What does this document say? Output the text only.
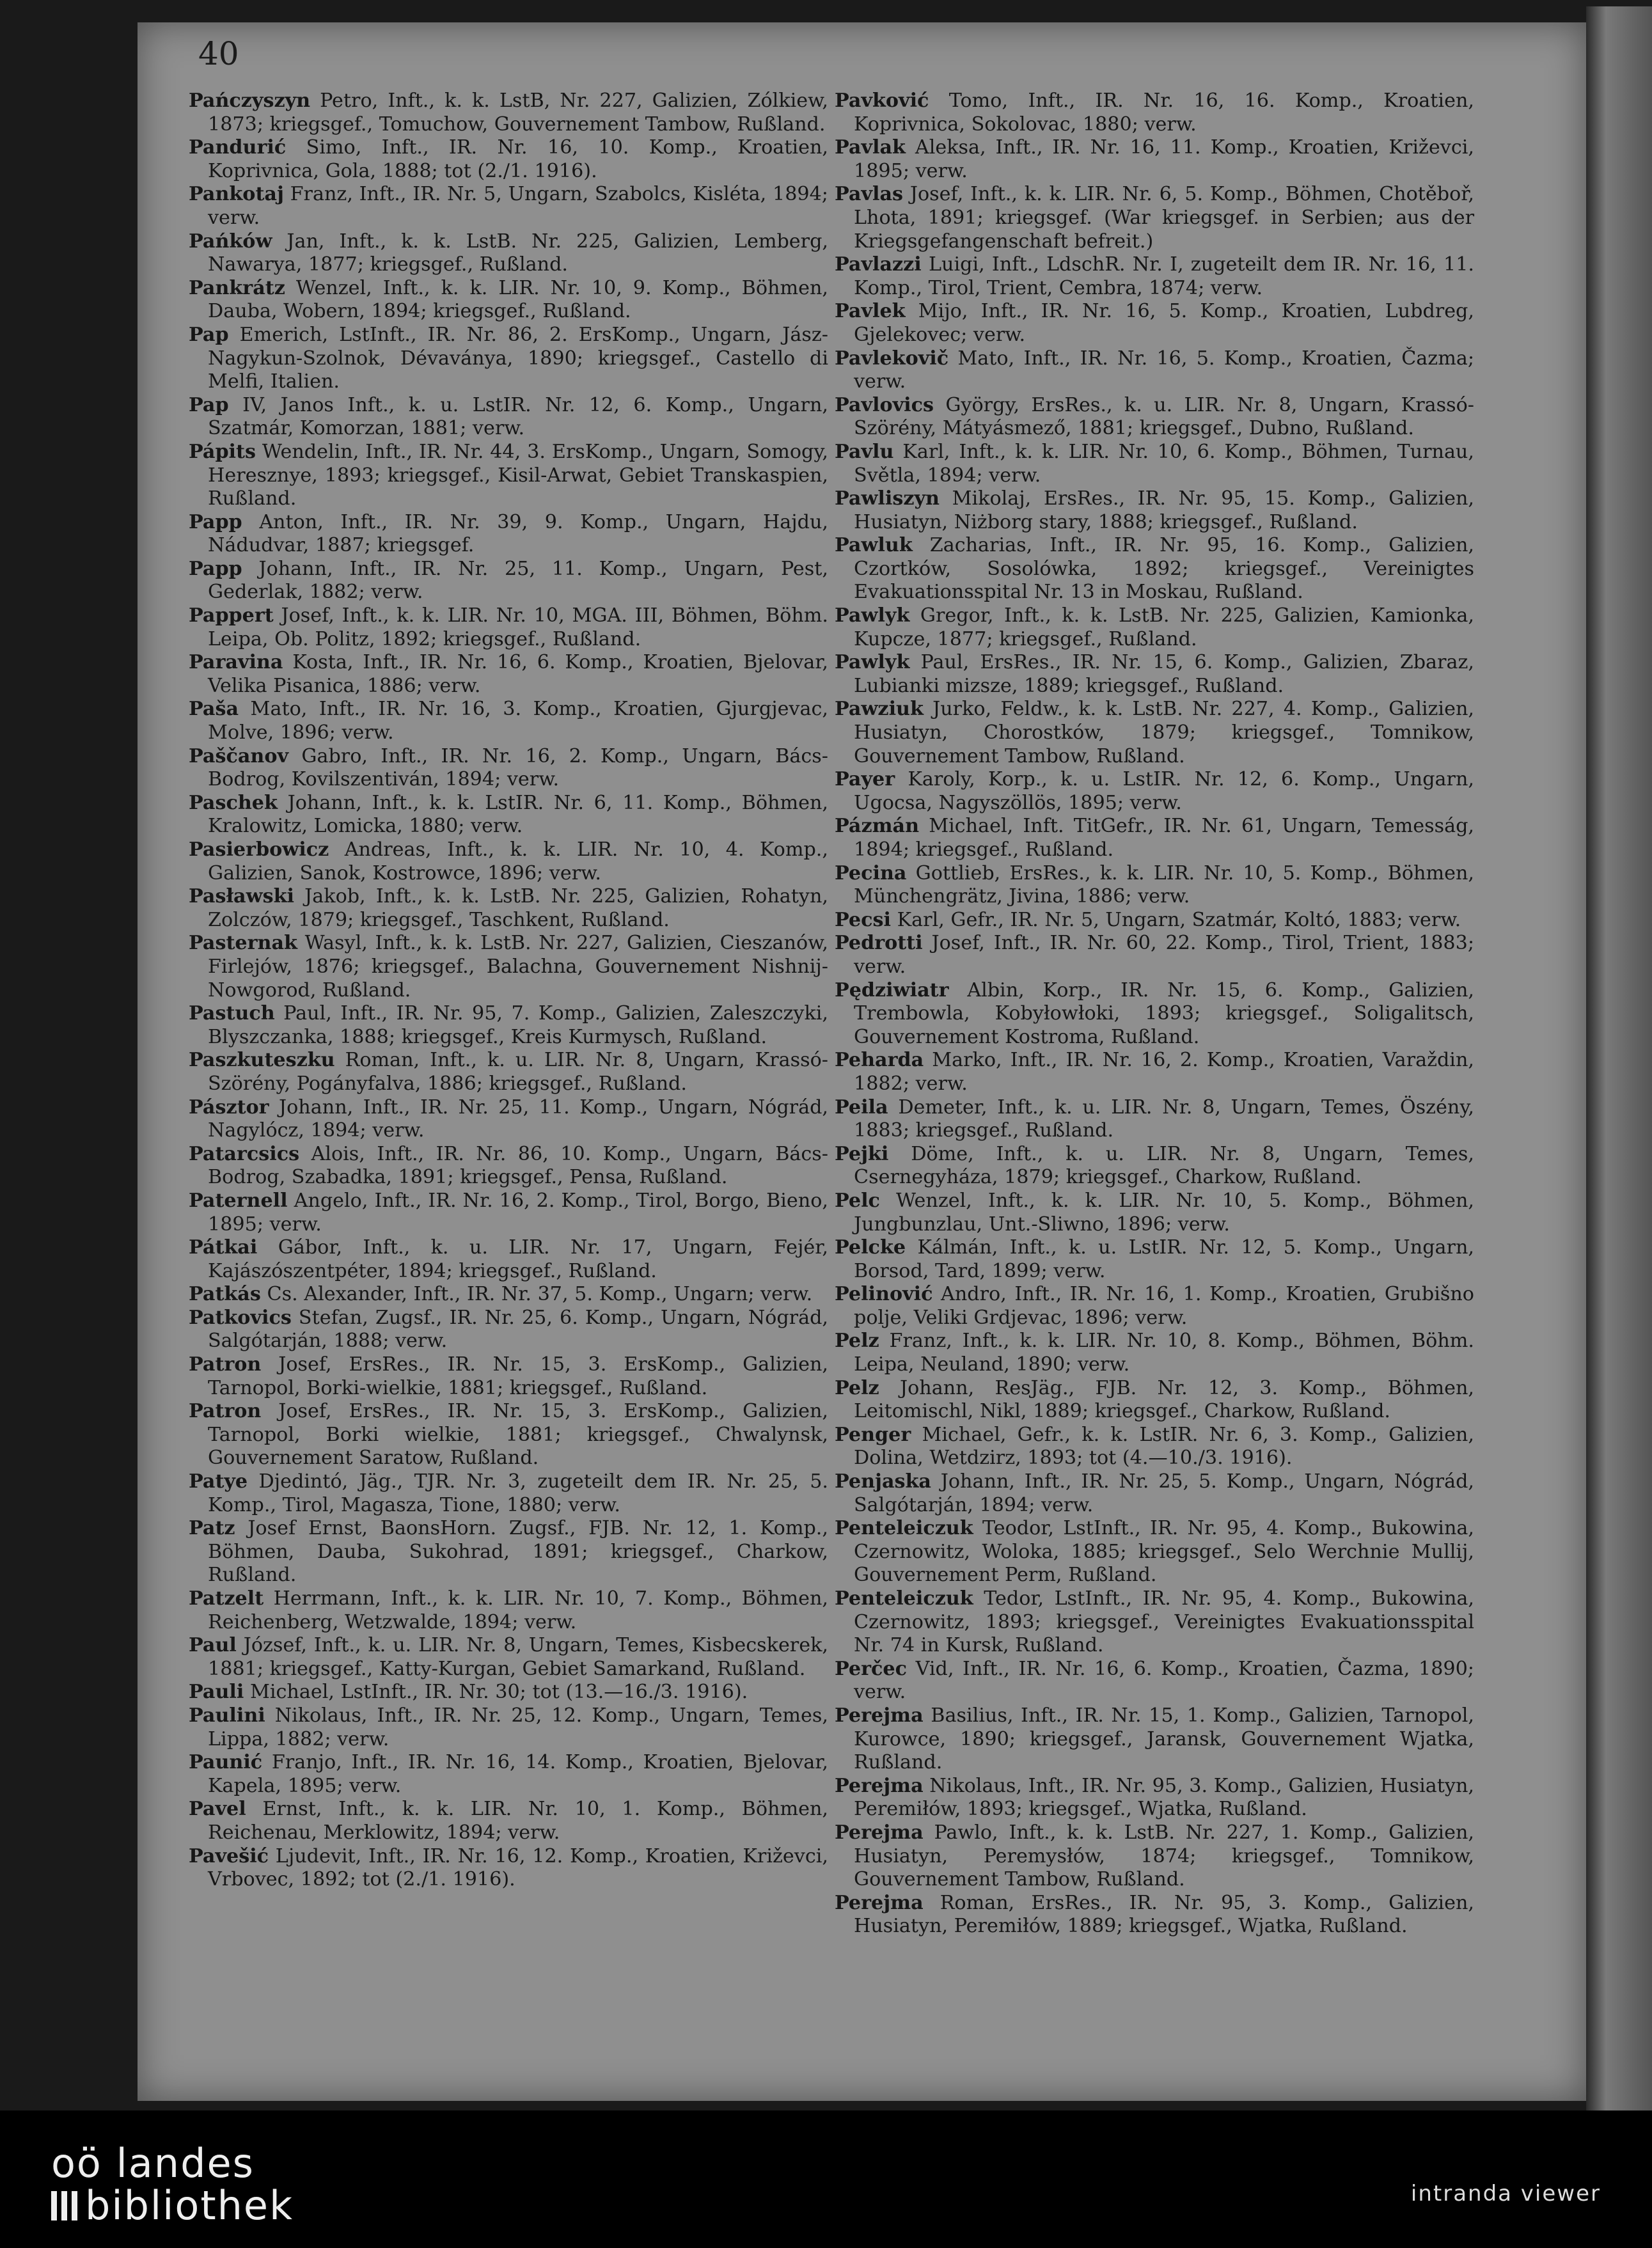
40

Pańczyszyn Petro, Inft., k. k. LstB, Nr. 227, Galizien, Zólkiew, 1873; kriegsgef., Tomuchow, Gouvernement Tambow, Rußland.

Pandurić Simo, Inft., IR. Nr. 16, 10. Komp., Kroatien, Koprivnica, Gola, 1888; tot (2./1. 1916).

Pankotaj Franz, Inft., IR. Nr. 5, Ungarn, Szabolcs, Kisléta, 1894; verw.

Pańków Jan, Inft., k. k. LstB. Nr. 225, Galizien, Lemberg, Nawarya, 1877; kriegsgef., Rußland.

Pankrátz Wenzel, Inft., k. k. LIR. Nr. 10, 9. Komp., Böhmen, Dauba, Wobern, 1894; kriegsgef., Rußland.

Pap Emerich, LstInft., IR. Nr. 86, 2. ErsKomp., Ungarn, Jász-Nagykun-Szolnok, Dévaványa, 1890; kriegsgef., Castello di Melfi, Italien.

Pap IV, Janos Inft., k. u. LstIR. Nr. 12, 6. Komp., Ungarn, Szatmár, Komorzan, 1881; verw.

Pápits Wendelin, Inft., IR. Nr. 44, 3. ErsKomp., Ungarn, Somogy, Heresznye, 1893; kriegsgef., Kisil-Arwat, Gebiet Transkaspien, Rußland.

Papp Anton, Inft., IR. Nr. 39, 9. Komp., Ungarn, Hajdu, Nádudvar, 1887; kriegsgef.

Papp Johann, Inft., IR. Nr. 25, 11. Komp., Ungarn, Pest, Gederlak, 1882; verw.

Pappert Josef, Inft., k. k. LIR. Nr. 10, MGA. III, Böhmen, Böhm. Leipa, Ob. Politz, 1892; kriegsgef., Rußland.

Paravina Kosta, Inft., IR. Nr. 16, 6. Komp., Kroatien, Bjelovar, Velika Pisanica, 1886; verw.

Paša Mato, Inft., IR. Nr. 16, 3. Komp., Kroatien, Gjurgjevac, Molve, 1896; verw.

Paščanov Gabro, Inft., IR. Nr. 16, 2. Komp., Ungarn, Bács-Bodrog, Kovilszentiván, 1894; verw.

Paschek Johann, Inft., k. k. LstIR. Nr. 6, 11. Komp., Böhmen, Kralowitz, Lomicka, 1880; verw.

Pasierbowicz Andreas, Inft., k. k. LIR. Nr. 10, 4. Komp., Galizien, Sanok, Kostrowce, 1896; verw.

Pasławski Jakob, Inft., k. k. LstB. Nr. 225, Galizien, Rohatyn, Zolczów, 1879; kriegsgef., Taschkent, Rußland.

Pasternak Wasyl, Inft., k. k. LstB. Nr. 227, Galizien, Cieszanów, Firlejów, 1876; kriegsgef., Balachna, Gouvernement Nishnij-Nowgorod, Rußland.

Pastuch Paul, Inft., IR. Nr. 95, 7. Komp., Galizien, Zaleszczyki, Blyszczanka, 1888; kriegsgef., Kreis Kurmysch, Rußland.

Paszkuteszku Roman, Inft., k. u. LIR. Nr. 8, Ungarn, Krassó-Szörény, Pogányfalva, 1886; kriegsgef., Rußland.

Pásztor Johann, Inft., IR. Nr. 25, 11. Komp., Ungarn, Nógrád, Nagylócz, 1894; verw.

Patarcsics Alois, Inft., IR. Nr. 86, 10. Komp., Ungarn, Bács-Bodrog, Szabadka, 1891; kriegsgef., Pensa, Rußland.

Paternell Angelo, Inft., IR. Nr. 16, 2. Komp., Tirol, Borgo, Bieno, 1895; verw.

Pátkai Gábor, Inft., k. u. LIR. Nr. 17, Ungarn, Fejér, Kajászószentpéter, 1894; kriegsgef., Rußland.

Patkás Cs. Alexander, Inft., IR. Nr. 37, 5. Komp., Ungarn; verw.

Patkovics Stefan, Zugsf., IR. Nr. 25, 6. Komp., Ungarn, Nógrád, Salgótarján, 1888; verw.

Patron Josef, ErsRes., IR. Nr. 15, 3. ErsKomp., Galizien, Tarnopol, Borki-wielkie, 1881; kriegsgef., Rußland.

Patron Josef, ErsRes., IR. Nr. 15, 3. ErsKomp., Galizien, Tarnopol, Borki wielkie, 1881; kriegsgef., Chwalynsk, Gouvernement Saratow, Rußland.

Patye Djedintó, Jäg., TJR. Nr. 3, zugeteilt dem IR. Nr. 25, 5. Komp., Tirol, Magasza, Tione, 1880; verw.

Patz Josef Ernst, BaonsHorn. Zugsf., FJB. Nr. 12, 1. Komp., Böhmen, Dauba, Sukohrad, 1891; kriegsgef., Charkow, Rußland.

Patzelt Herrmann, Inft., k. k. LIR. Nr. 10, 7. Komp., Böhmen, Reichenberg, Wetzwalde, 1894; verw.

Paul József, Inft., k. u. LIR. Nr. 8, Ungarn, Temes, Kisbecskerek, 1881; kriegsgef., Katty-Kurgan, Gebiet Samarkand, Rußland.

Pauli Michael, LstInft., IR. Nr. 30; tot (13.—16./3. 1916).

Paulini Nikolaus, Inft., IR. Nr. 25, 12. Komp., Ungarn, Temes, Lippa, 1882; verw.

Paunić Franjo, Inft., IR. Nr. 16, 14. Komp., Kroatien, Bjelovar, Kapela, 1895; verw.

Pavel Ernst, Inft., k. k. LIR. Nr. 10, 1. Komp., Böhmen, Reichenau, Merklowitz, 1894; verw.

Pavešić Ljudevit, Inft., IR. Nr. 16, 12. Komp., Kroatien, Križevci, Vrbovec, 1892; tot (2./1. 1916).

Pavković Tomo, Inft., IR. Nr. 16, 16. Komp., Kroatien, Koprivnica, Sokolovac, 1880; verw.

Pavlak Aleksa, Inft., IR. Nr. 16, 11. Komp., Kroatien, Križevci, 1895; verw.

Pavlas Josef, Inft., k. k. LIR. Nr. 6, 5. Komp., Böhmen, Chotěboř, Lhota, 1891; kriegsgef. (War kriegsgef. in Serbien; aus der Kriegsgefangenschaft befreit.)

Pavlazzi Luigi, Inft., LdschR. Nr. I, zugeteilt dem IR. Nr. 16, 11. Komp., Tirol, Trient, Cembra, 1874; verw.

Pavlek Mijo, Inft., IR. Nr. 16, 5. Komp., Kroatien, Lubdreg, Gjelekovec; verw.

Pavlekovič Mato, Inft., IR. Nr. 16, 5. Komp., Kroatien, Čazma; verw.

Pavlovics György, ErsRes., k. u. LIR. Nr. 8, Ungarn, Krassó-Szörény, Mátyásmező, 1881; kriegsgef., Dubno, Rußland.

Pavlu Karl, Inft., k. k. LIR. Nr. 10, 6. Komp., Böhmen, Turnau, Světla, 1894; verw.

Pawliszyn Mikolaj, ErsRes., IR. Nr. 95, 15. Komp., Galizien, Husiatyn, Niżborg stary, 1888; kriegsgef., Rußland.

Pawluk Zacharias, Inft., IR. Nr. 95, 16. Komp., Galizien, Czortków, Sosolówka, 1892; kriegsgef., Vereinigtes Evakuationsspital Nr. 13 in Moskau, Rußland.

Pawlyk Gregor, Inft., k. k. LstB. Nr. 225, Galizien, Kamionka, Kupcze, 1877; kriegsgef., Rußland.

Pawlyk Paul, ErsRes., IR. Nr. 15, 6. Komp., Galizien, Zbaraz, Lubianki mizsze, 1889; kriegsgef., Rußland.

Pawziuk Jurko, Feldw., k. k. LstB. Nr. 227, 4. Komp., Galizien, Husiatyn, Chorostków, 1879; kriegsgef., Tomnikow, Gouvernement Tambow, Rußland.

Payer Karoly, Korp., k. u. LstIR. Nr. 12, 6. Komp., Ungarn, Ugocsa, Nagyszöllös, 1895; verw.

Pázmán Michael, Inft. TitGefr., IR. Nr. 61, Ungarn, Temesság, 1894; kriegsgef., Rußland.

Pecina Gottlieb, ErsRes., k. k. LIR. Nr. 10, 5. Komp., Böhmen, Münchengrätz, Jivina, 1886; verw.

Pecsi Karl, Gefr., IR. Nr. 5, Ungarn, Szatmár, Koltó, 1883; verw.

Pedrotti Josef, Inft., IR. Nr. 60, 22. Komp., Tirol, Trient, 1883; verw.

Pędziwiatr Albin, Korp., IR. Nr. 15, 6. Komp., Galizien, Trembowla, Kobyłowłoki, 1893; kriegsgef., Soligalitsch, Gouvernement Kostroma, Rußland.

Peharda Marko, Inft., IR. Nr. 16, 2. Komp., Kroatien, Varaždin, 1882; verw.

Peila Demeter, Inft., k. u. LIR. Nr. 8, Ungarn, Temes, Öszény, 1883; kriegsgef., Rußland.

Pejki Döme, Inft., k. u. LIR. Nr. 8, Ungarn, Temes, Csernegyháza, 1879; kriegsgef., Charkow, Rußland.

Pelc Wenzel, Inft., k. k. LIR. Nr. 10, 5. Komp., Böhmen, Jungbunzlau, Unt.-Sliwno, 1896; verw.

Pelcke Kálmán, Inft., k. u. LstIR. Nr. 12, 5. Komp., Ungarn, Borsod, Tard, 1899; verw.

Pelinović Andro, Inft., IR. Nr. 16, 1. Komp., Kroatien, Grubišno polje, Veliki Grdjevac, 1896; verw.

Pelz Franz, Inft., k. k. LIR. Nr. 10, 8. Komp., Böhmen, Böhm. Leipa, Neuland, 1890; verw.

Pelz Johann, ResJäg., FJB. Nr. 12, 3. Komp., Böhmen, Leitomischl, Nikl, 1889; kriegsgef., Charkow, Rußland.

Penger Michael, Gefr., k. k. LstIR. Nr. 6, 3. Komp., Galizien, Dolina, Wetdzirz, 1893; tot (4.—10./3. 1916).

Penjaska Johann, Inft., IR. Nr. 25, 5. Komp., Ungarn, Nógrád, Salgótarján, 1894; verw.

Penteleiczuk Teodor, LstInft., IR. Nr. 95, 4. Komp., Bukowina, Czernowitz, Woloka, 1885; kriegsgef., Selo Werchnie Mullij, Gouvernement Perm, Rußland.

Penteleiczuk Tedor, LstInft., IR. Nr. 95, 4. Komp., Bukowina, Czernowitz, 1893; kriegsgef., Vereinigtes Evakuationsspital Nr. 74 in Kursk, Rußland.

Perčec Vid, Inft., IR. Nr. 16, 6. Komp., Kroatien, Čazma, 1890; verw.

Perejma Basilius, Inft., IR. Nr. 15, 1. Komp., Galizien, Tarnopol, Kurowce, 1890; kriegsgef., Jaransk, Gouvernement Wjatka, Rußland.

Perejma Nikolaus, Inft., IR. Nr. 95, 3. Komp., Galizien, Husiatyn, Peremiłów, 1893; kriegsgef., Wjatka, Rußland.

Perejma Pawlo, Inft., k. k. LstB. Nr. 227, 1. Komp., Galizien, Husiatyn, Peremysłów, 1874; kriegsgef., Tomnikow, Gouvernement Tambow, Rußland.

Perejma Roman, ErsRes., IR. Nr. 95, 3. Komp., Galizien, Husiatyn, Peremiłów, 1889; kriegsgef., Wjatka, Rußland.

oö landes
bibliothek	intranda viewer
